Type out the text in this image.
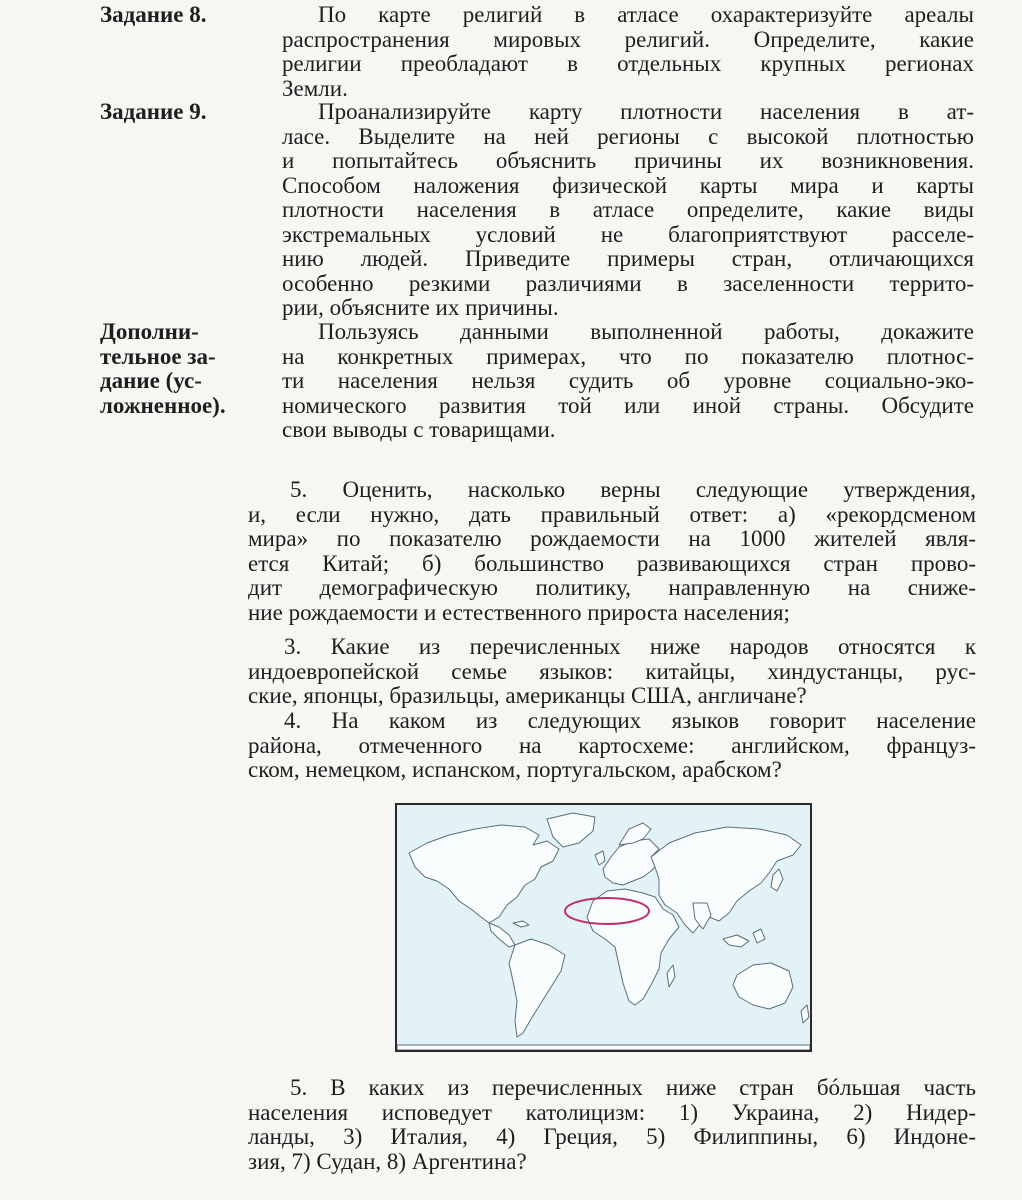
Задание 8.	По карте религий в атласе охарактеризуйте ареалы
распространения мировых религий. Определите, какие
религии преобладают в отдельных крупных регионах
Земли.
Задание 9.	Проанализируйте карту плотности населения в ат-
ласе. Выделите на ней регионы с высокой плотностью
и попытайтесь объяснить причины их возникновения.
Способом наложения физической карты мира и карты
плотности населения в атласе определите, какие виды
экстремальных условий не благоприятствуют расселе-
нию людей. Приведите примеры стран, отличающихся
особенно резкими различиями в заселенности террито-
рии, объясните их причины.
Дополни-
тельное за-
дание (ус-
ложненное).
Пользуясь данными выполненной работы, докажите
на конкретных примерах, что по показателю плотнос-
ти населения нельзя судить об уровне социально-эко-
номического развития той или иной страны. Обсудите
свои выводы с товарищами.
5. Оценить, насколько верны следующие утверждения,
и, если нужно, дать правильный ответ: а) «рекордсменом
мира» по показателю рождаемости на 1000 жителей явля-
ется Китай; б) большинство развивающихся стран прово-
дит демографическую политику, направленную на сниже-
ние рождаемости и естественного прироста населения;
3. Какие из перечисленных ниже народов относятся к
индоевропейской семье языков: китайцы, хиндустанцы, рус-
ские, японцы, бразильцы, американцы США, англичане?
4. На каком из следующих языков говорит население
района, отмеченного на картосхеме: английском, француз-
ском, немецком, испанском, португальском, арабском?
5. В каких из перечисленных ниже стран бóльшая часть
населения исповедует католицизм: 1) Украина, 2) Нидер-
ланды, 3) Италия, 4) Греция, 5) Филиппины, 6) Индоне-
зия, 7) Судан, 8) Аргентина?
